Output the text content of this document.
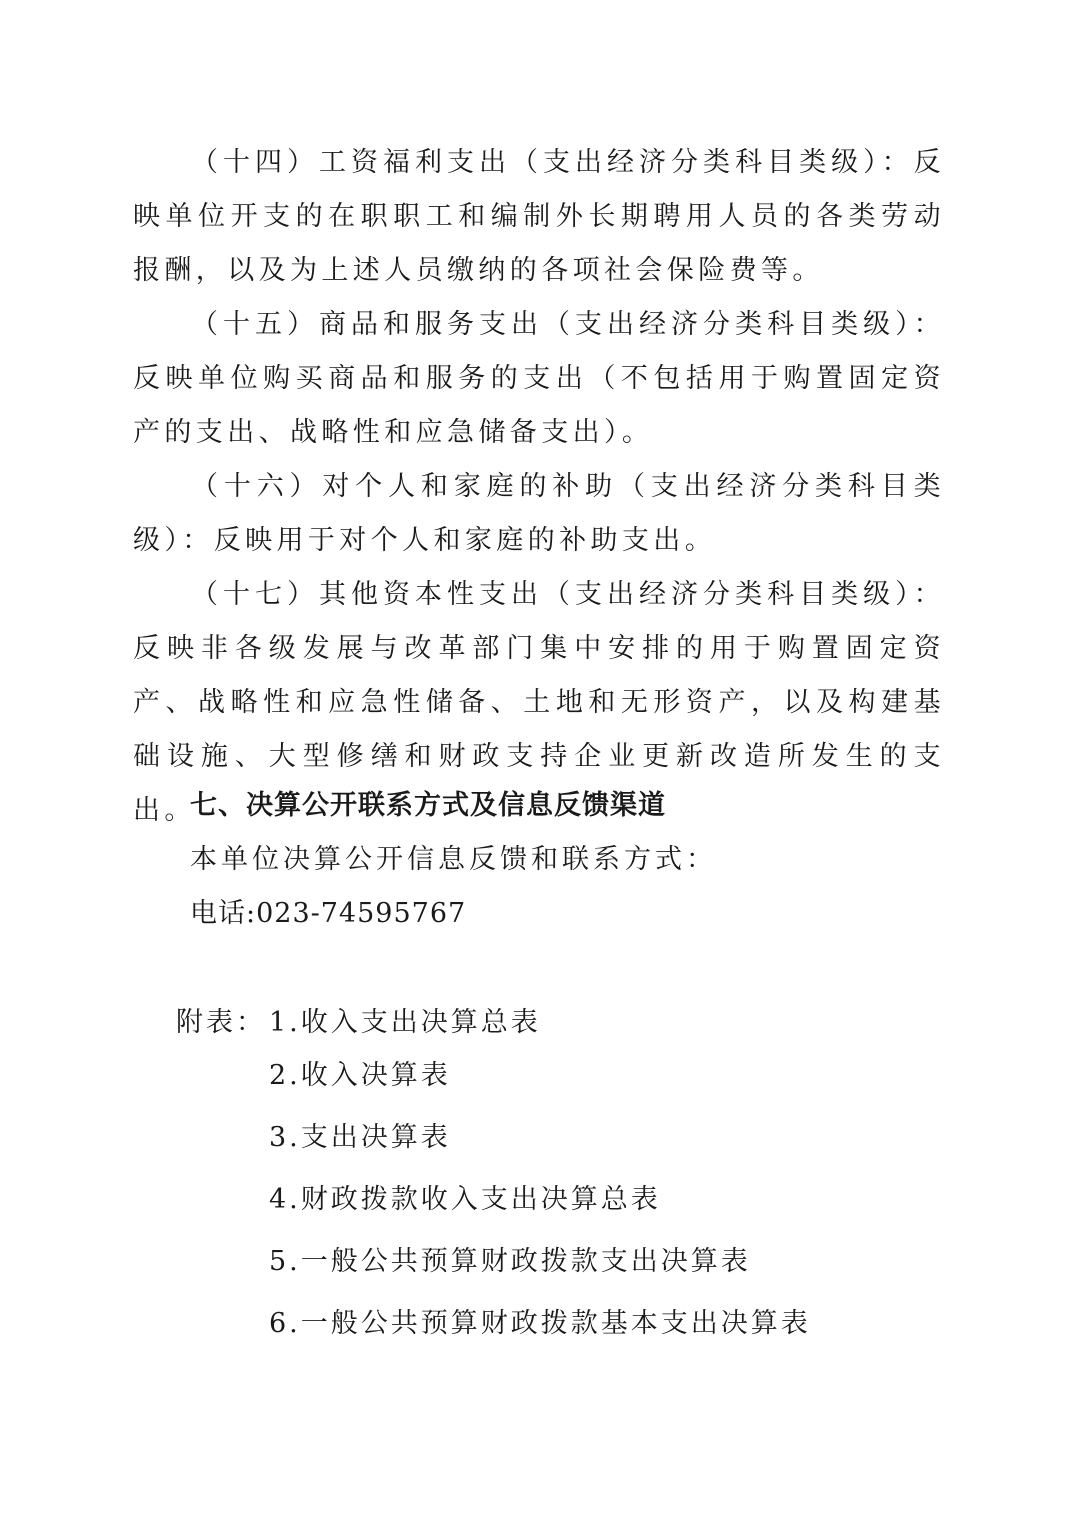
（十四）工资福利支出（支出经济分类科目类级）：反映单位开支的在职职工和编制外长期聘用人员的各类劳动报酬，以及为上述人员缴纳的各项社会保险费等。

（十五）商品和服务支出（支出经济分类科目类级）：反映单位购买商品和服务的支出（不包括用于购置固定资产的支出、战略性和应急储备支出）。

（十六）对个人和家庭的补助（支出经济分类科目类级）：反映用于对个人和家庭的补助支出。

（十七）其他资本性支出（支出经济分类科目类级）：反映非各级发展与改革部门集中安排的用于购置固定资产、战略性和应急性储备、土地和无形资产，以及构建基础设施、大型修缮和财政支持企业更新改造所发生的支出。

七、决算公开联系方式及信息反馈渠道

本单位决算公开信息反馈和联系方式：

电话:023-74595767

附表： 1.收入支出决算总表
2.收入决算表
3.支出决算表
4.财政拨款收入支出决算总表
5.一般公共预算财政拨款支出决算表
6.一般公共预算财政拨款基本支出决算表
